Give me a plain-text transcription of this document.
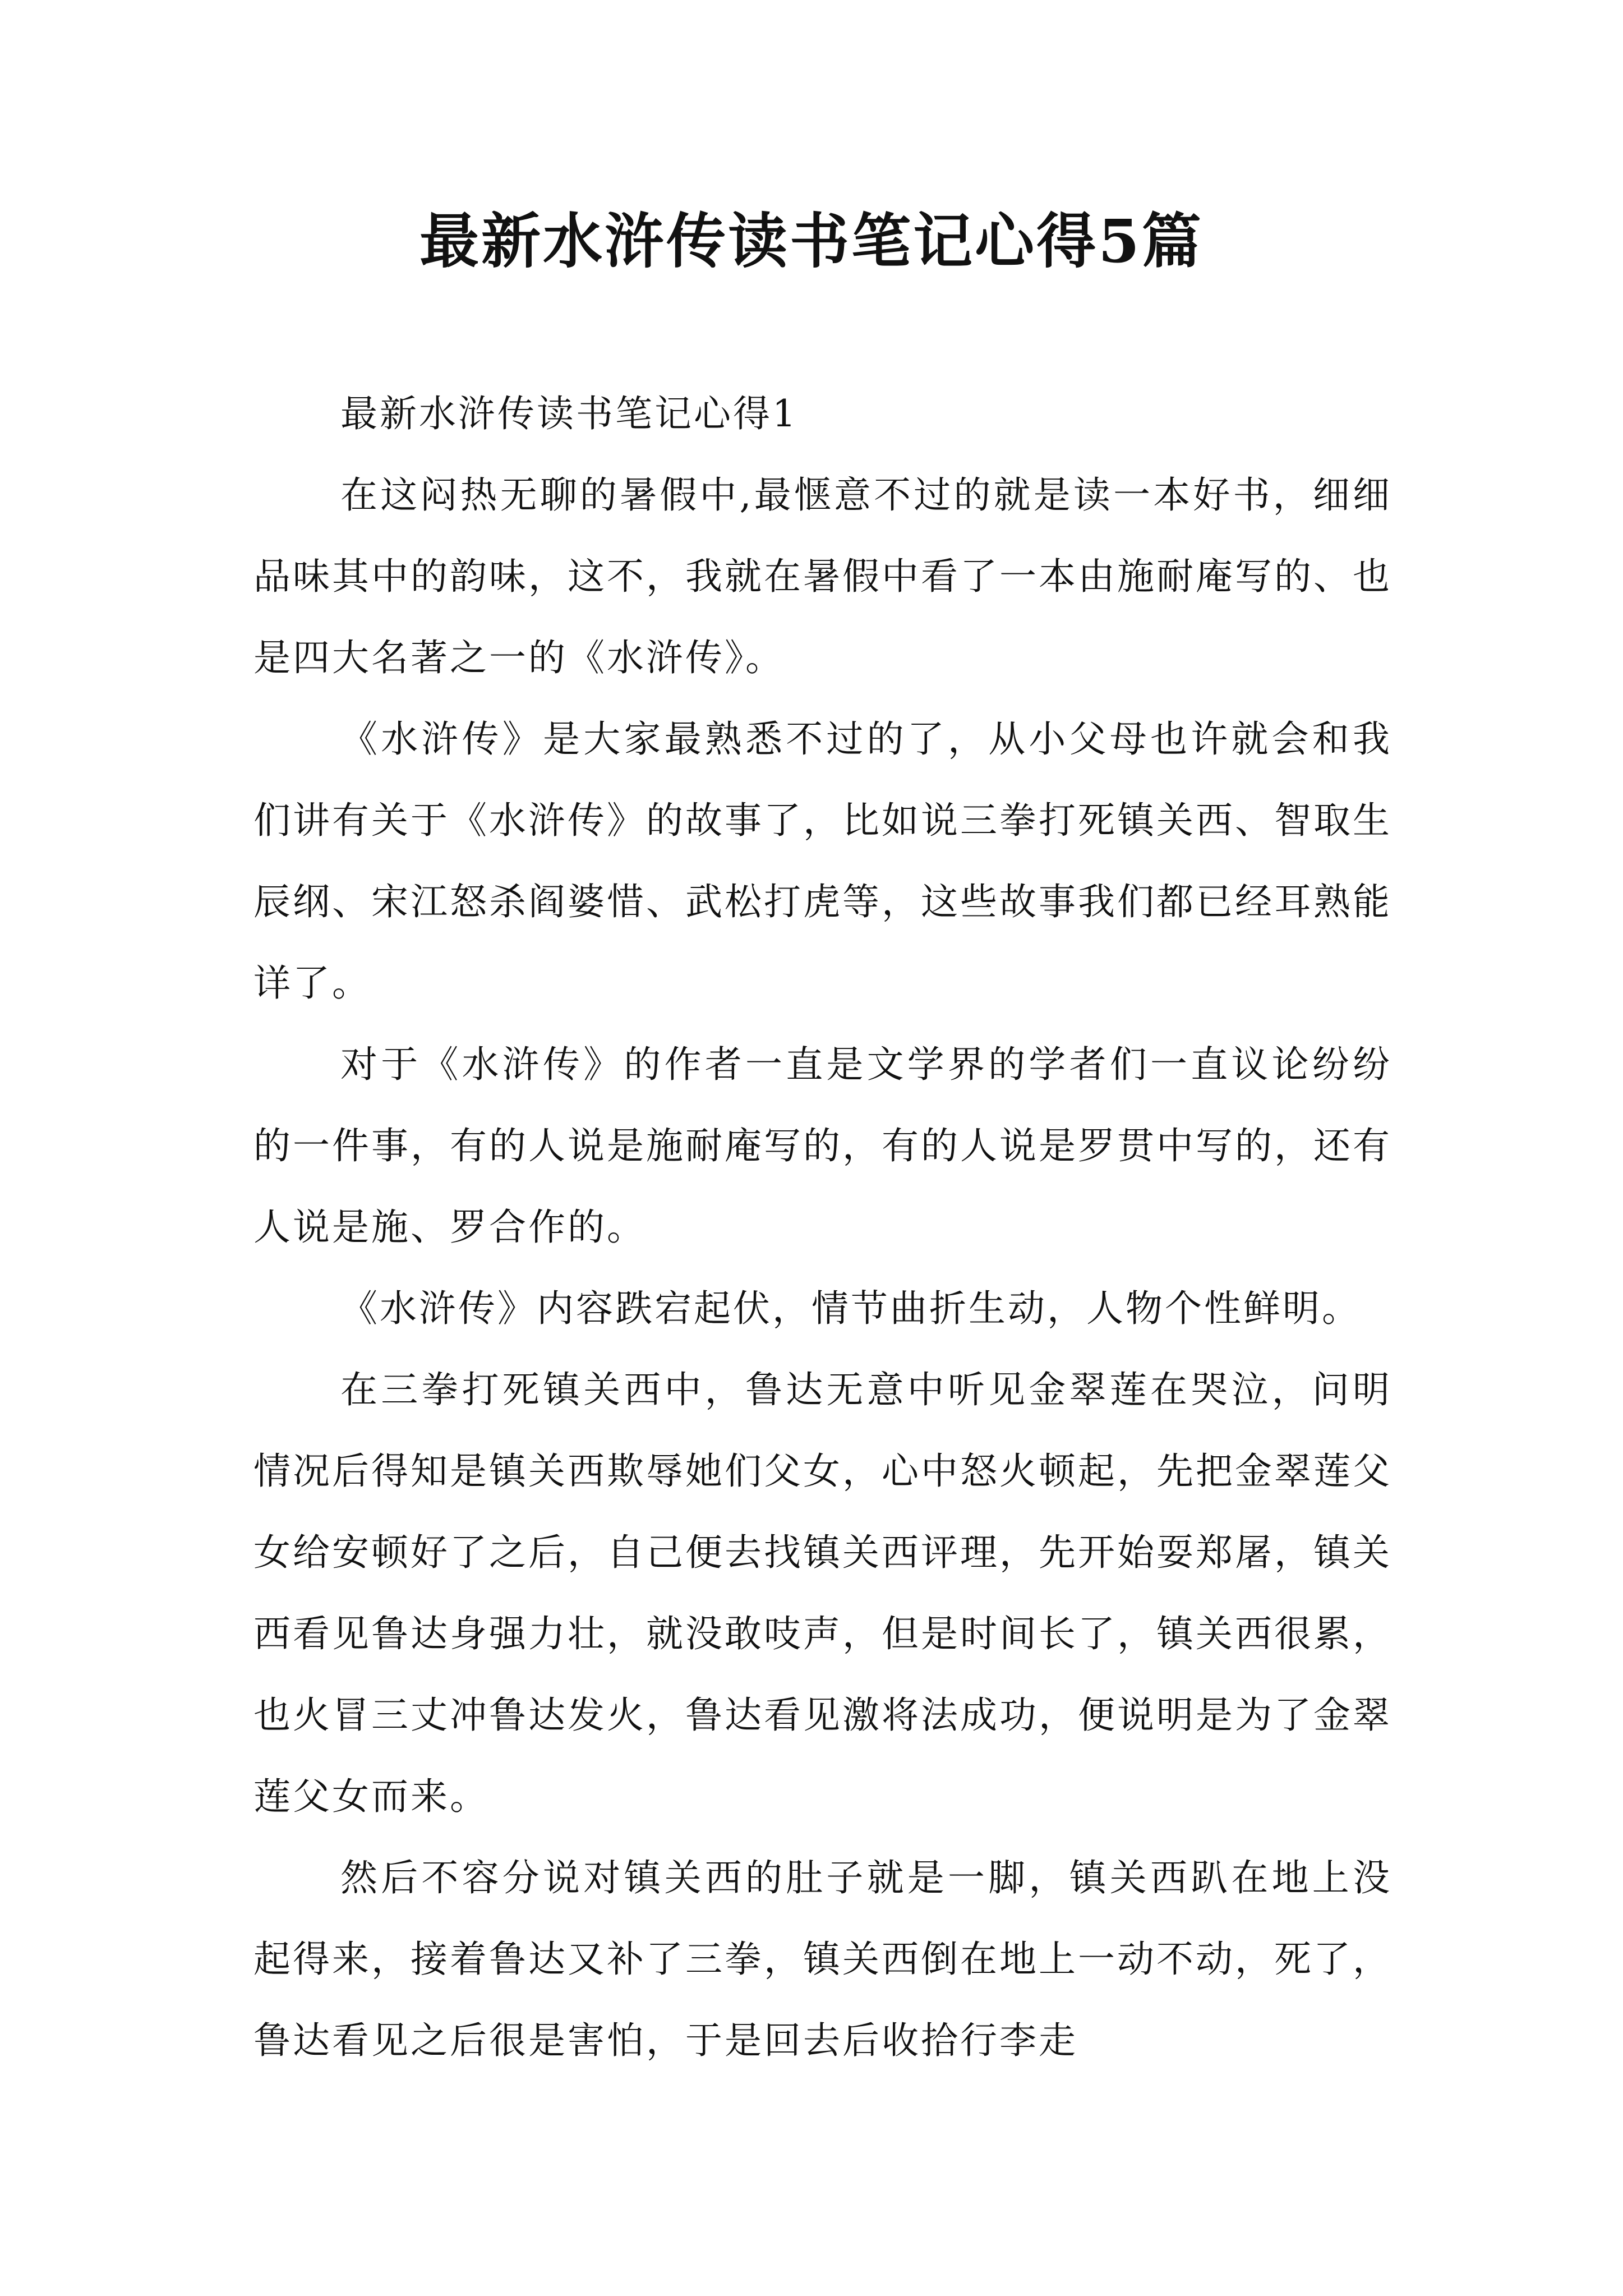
最新水浒传读书笔记心得5篇

最新水浒传读书笔记心得1

在这闷热无聊的暑假中,最惬意不过的就是读一本好书，细细品味其中的韵味，这不，我就在暑假中看了一本由施耐庵写的、也是四大名著之一的《水浒传》。

《水浒传》是大家最熟悉不过的了，从小父母也许就会和我们讲有关于《水浒传》的故事了，比如说三拳打死镇关西、智取生辰纲、宋江怒杀阎婆惜、武松打虎等，这些故事我们都已经耳熟能详了。

对于《水浒传》的作者一直是文学界的学者们一直议论纷纷的一件事，有的人说是施耐庵写的，有的人说是罗贯中写的，还有人说是施、罗合作的。

《水浒传》内容跌宕起伏，情节曲折生动，人物个性鲜明。

在三拳打死镇关西中，鲁达无意中听见金翠莲在哭泣，问明情况后得知是镇关西欺辱她们父女，心中怒火顿起，先把金翠莲父女给安顿好了之后，自己便去找镇关西评理，先开始耍郑屠，镇关西看见鲁达身强力壮，就没敢吱声，但是时间长了，镇关西很累，也火冒三丈冲鲁达发火，鲁达看见激将法成功，便说明是为了金翠莲父女而来。

然后不容分说对镇关西的肚子就是一脚，镇关西趴在地上没起得来，接着鲁达又补了三拳，镇关西倒在地上一动不动，死了，鲁达看见之后很是害怕，于是回去后收拾行李走
